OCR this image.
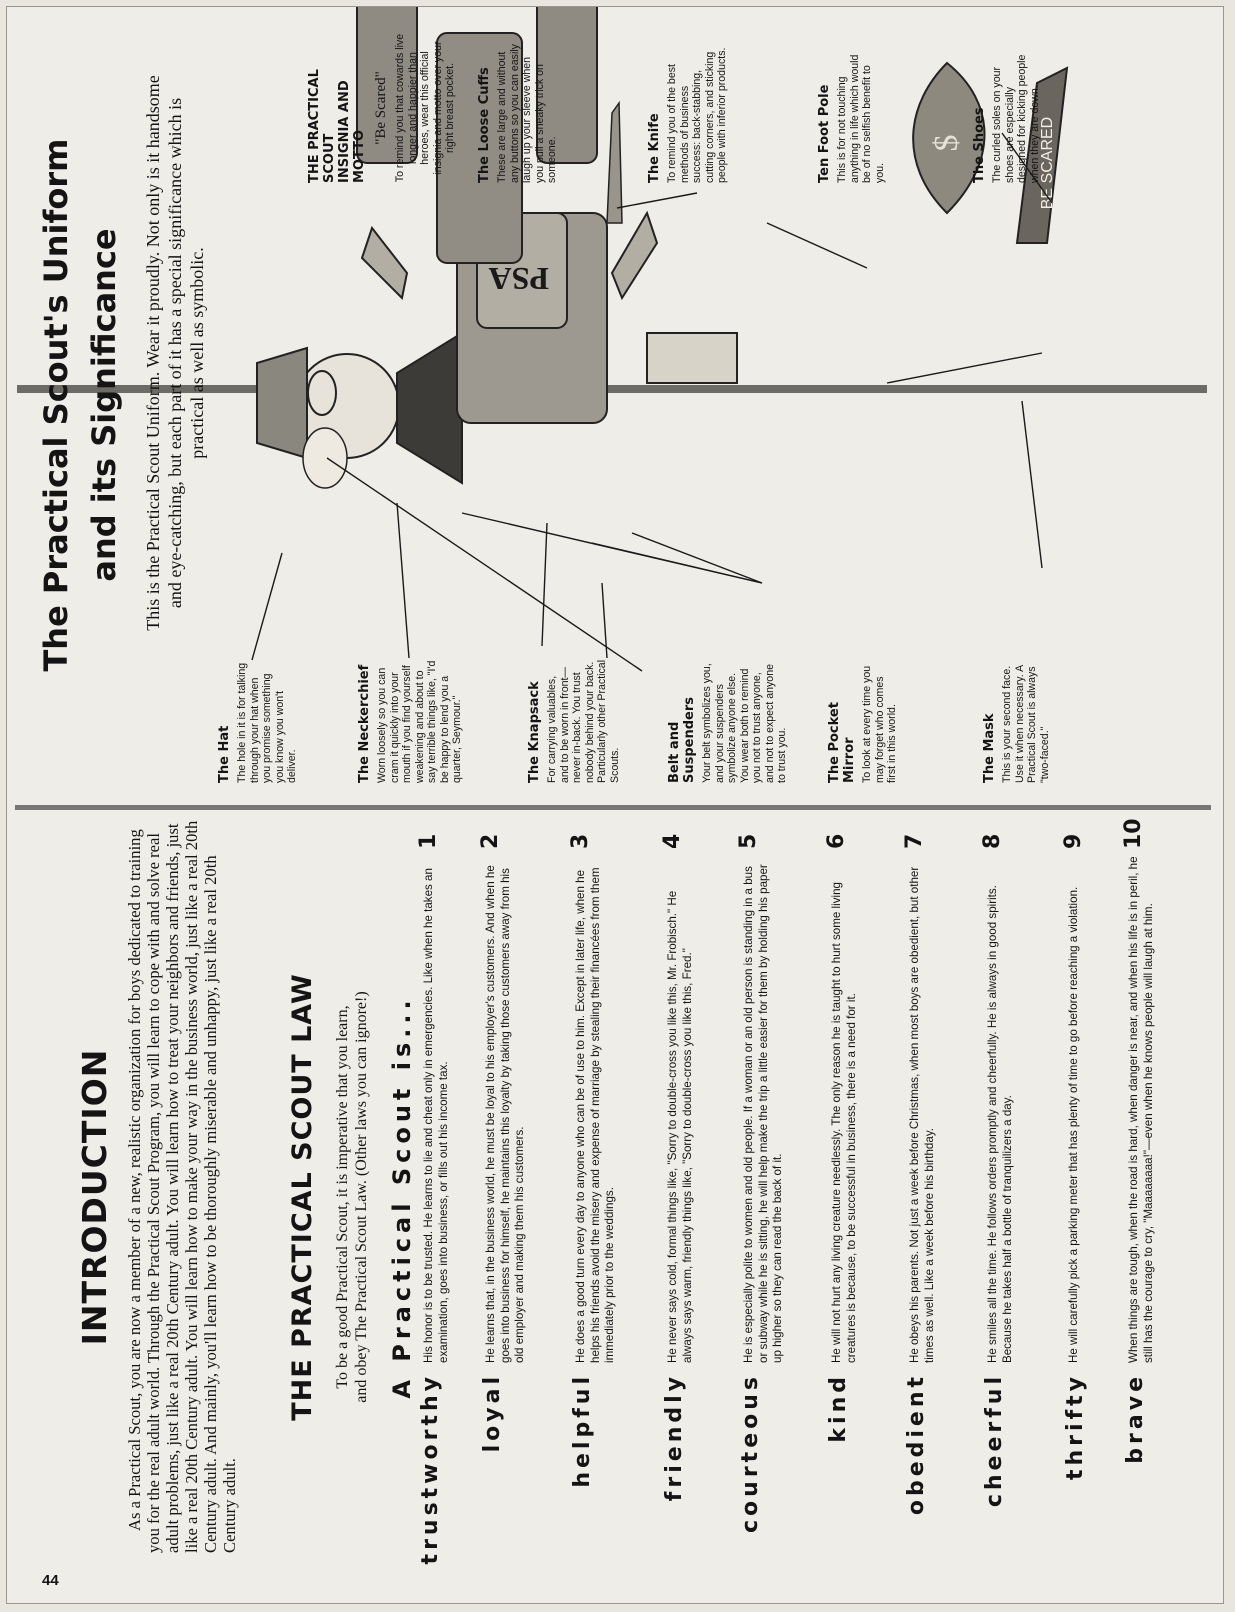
INTRODUCTION As a Practical Scout, you are now a member of a new, realistic organization for boys dedicated to training you for the real adult world. Through the Practical Scout Program, you will learn to cope with and solve real adult problems, just like a real 20th Century adult. You will learn how to treat your neighbors and friends, just like a real 20th Century adult. You will learn how to make your way in the business world, just like a real 20th Century adult. And mainly, you'll learn how to be thoroughly miserable and unhappy, just like a real 20th Century adult.

THE PRACTICAL SCOUT LAW To be a good Practical Scout, it is imperative that you learn, and obey The Practical Scout Law. (Other laws you can ignore!) A Practical Scout is...
trustworthy
His honor is to be trusted. He learns to lie and cheat only in emergencies. Like when he takes an examination, goes into business, or fills out his income tax.
1
loyal
He learns that, in the business world, he must be loyal to his employer's customers. And when he goes into business for himself, he maintains this loyalty by taking those customers away from his old employer and making them his customers.
2
helpful
He does a good turn every day to anyone who can be of use to him. Except in later life, when he helps his friends avoid the misery and expense of marriage by stealing their financées from them immediately prior to the weddings.
3
friendly
He never says cold, formal things like, "Sorry to double-cross you like this, Mr. Frobisch." He always says warm, friendly things like, "Sorry to double-cross you like this, Fred."
4
courteous
He is especially polite to women and old people. If a woman or an old person is standing in a bus or subway while he is sitting, he will help make the trip a little easier for them by holding his paper up higher so they can read the back of it.
5
kind
He will not hurt any living creature needlessly. The only reason he is taught to hurt some living creatures is because, to be successful in business, there is a need for it.
6
obedient
He obeys his parents. Not just a week before Christmas, when most boys are obedient, but other times as well. Like a week before his birthday.
7
cheerful
He smiles all the time. He follows orders promptly and cheerfully. He is always in good spirits. Because he takes half a bottle of tranquilizers a day.
8
thrifty
He will carefully pick a parking meter that has plenty of time to go before reaching a violation.
9
brave
When things are tough, when the road is hard, when danger is near, and when his life is in peril, he still has the courage to cry, "Maaaaaaaa!"—even when he knows people will laugh at him.
10
PSA
$	BE SCARED
The Practical Scout's Uniform and its Significance This is the Practical Scout Uniform. Wear it proudly. Not only is it handsome and eye-catching, but each part of it has a special significance which is practical as well as symbolic.

The Hat The hole in it is for talking through your hat when you promise something you know you won't deliver.	The Neckerchief Worn loosely so you can cram it quickly into your mouth if you find yourself weakening and about to say terrible things like, "I'd be happy to lend you a quarter, Seymour."	The Knapsack For carrying valuables, and to be worn in front—never in-back. You trust nobody behind your back. Particularly other Practical Scouts.	Belt and Suspenders Your belt symbolizes you, and your suspenders symbolize anyone else. You wear both to remind you not to trust anyone, and not to expect anyone to trust you.	The Pocket Mirror To look at every time you may forget who comes first in this world.	The Mask This is your second face. Use it when necessary. A Practical Scout is always "two-faced."

The Loose Cuffs These are large and without any buttons so you can easily laugh up your sleeve when you pull a sneaky trick on someone.	The Knife To remind you of the best methods of business success: back-stabbing, cutting corners, and sticking people with inferior products.	Ten Foot Pole This is for not touching anything in life which would be of no selfish benefit to you.	The Shoes The curled soles on your shoes are especially designed for kicking people when they are down.

THE PRACTICAL SCOUT INSIGNIA AND MOTTO
"Be Scared" To remind you that cowards live longer and happier than heroes, wear this official insignia and motto over your right breast pocket.

44
